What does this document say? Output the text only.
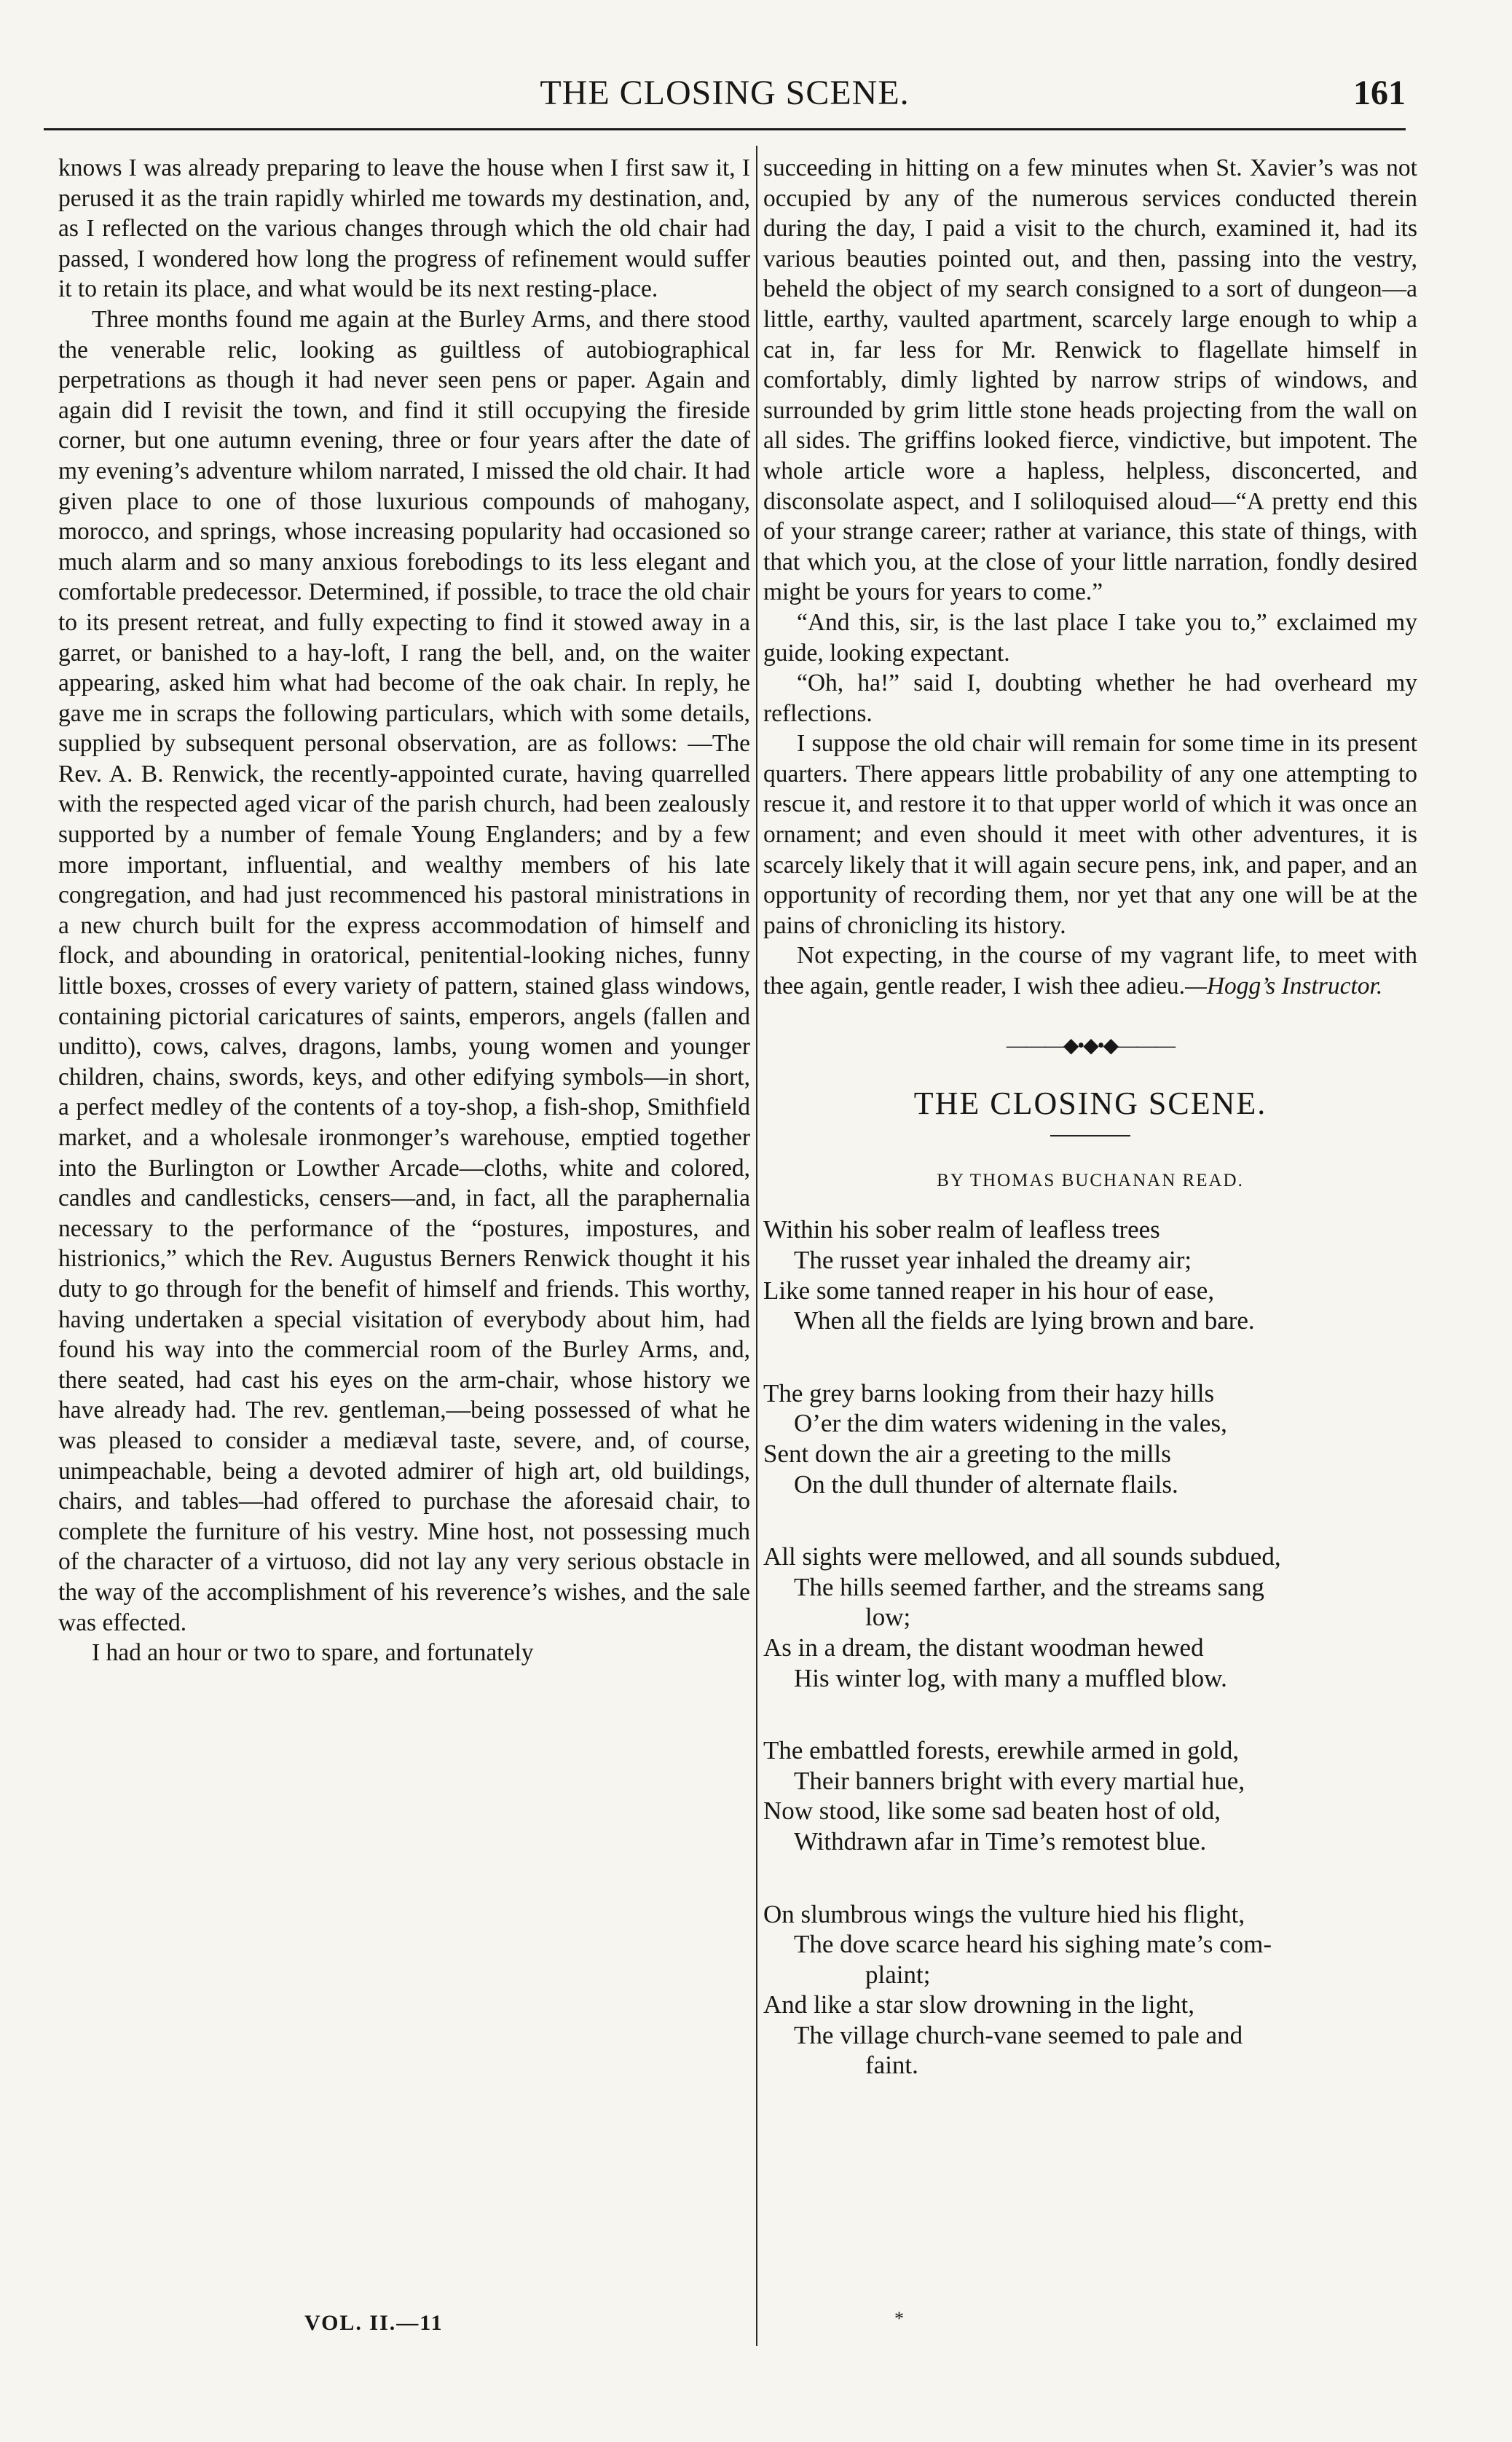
THE CLOSING SCENE.	161

knows I was already preparing to leave the house when I first saw it, I perused it as the train rapidly whirled me towards my destination, and, as I reflected on the various changes through which the old chair had passed, I wondered how long the progress of refinement would suffer it to retain its place, and what would be its next resting-place.

Three months found me again at the Burley Arms, and there stood the venerable relic, looking as guiltless of autobiographical perpetrations as though it had never seen pens or paper. Again and again did I revisit the town, and find it still occupying the fireside corner, but one autumn evening, three or four years after the date of my evening’s adventure whilom narrated, I missed the old chair. It had given place to one of those luxurious compounds of mahogany, morocco, and springs, whose increasing popularity had occasioned so much alarm and so many anxious forebodings to its less elegant and comfortable predecessor. Determined, if possible, to trace the old chair to its present retreat, and fully expecting to find it stowed away in a garret, or banished to a hay-loft, I rang the bell, and, on the waiter appearing, asked him what had become of the oak chair. In reply, he gave me in scraps the following particulars, which with some details, supplied by subsequent personal observation, are as follows: —The Rev. A. B. Renwick, the recently-appointed curate, having quarrelled with the respected aged vicar of the parish church, had been zealously supported by a number of female Young Englanders; and by a few more important, influential, and wealthy members of his late congregation, and had just recommenced his pastoral ministrations in a new church built for the express accommodation of himself and flock, and abounding in oratorical, penitential-looking niches, funny little boxes, crosses of every variety of pattern, stained glass windows, containing pictorial caricatures of saints, emperors, angels (fallen and unditto), cows, calves, dragons, lambs, young women and younger children, chains, swords, keys, and other edifying symbols—in short, a perfect medley of the contents of a toy-shop, a fish-shop, Smithfield market, and a wholesale ironmonger’s warehouse, emptied together into the Burlington or Lowther Arcade—cloths, white and colored, candles and candlesticks, censers—and, in fact, all the paraphernalia necessary to the performance of the “postures, impostures, and histrionics,” which the Rev. Augustus Berners Renwick thought it his duty to go through for the benefit of himself and friends. This worthy, having undertaken a special visitation of everybody about him, had found his way into the commercial room of the Burley Arms, and, there seated, had cast his eyes on the arm-chair, whose history we have already had. The rev. gentleman,—being possessed of what he was pleased to consider a mediæval taste, severe, and, of course, unimpeachable, being a devoted admirer of high art, old buildings, chairs, and tables—had offered to purchase the aforesaid chair, to complete the furniture of his vestry. Mine host, not possessing much of the character of a virtuoso, did not lay any very serious obstacle in the way of the accomplishment of his reverence’s wishes, and the sale was effected.

I had an hour or two to spare, and fortunately

succeeding in hitting on a few minutes when St. Xavier’s was not occupied by any of the numerous services conducted therein during the day, I paid a visit to the church, examined it, had its various beauties pointed out, and then, passing into the vestry, beheld the object of my search consigned to a sort of dungeon—a little, earthy, vaulted apartment, scarcely large enough to whip a cat in, far less for Mr. Renwick to flagellate himself in comfortably, dimly lighted by narrow strips of windows, and surrounded by grim little stone heads projecting from the wall on all sides. The griffins looked fierce, vindictive, but impotent. The whole article wore a hapless, helpless, disconcerted, and disconsolate aspect, and I soliloquised aloud—“A pretty end this of your strange career; rather at variance, this state of things, with that which you, at the close of your little narration, fondly desired might be yours for years to come.”

“And this, sir, is the last place I take you to,” exclaimed my guide, looking expectant.

“Oh, ha!” said I, doubting whether he had overheard my reflections.

I suppose the old chair will remain for some time in its present quarters. There appears little probability of any one attempting to rescue it, and restore it to that upper world of which it was once an ornament; and even should it meet with other adventures, it is scarcely likely that it will again secure pens, ink, and paper, and an opportunity of recording them, nor yet that any one will be at the pains of chronicling its history.

Not expecting, in the course of my vagrant life, to meet with thee again, gentle reader, I wish thee adieu.—Hogg’s Instructor.

———◆•◆•◆———
THE CLOSING SCENE.

BY THOMAS BUCHANAN READ.

Within his sober realm of leafless trees
The russet year inhaled the dreamy air;
Like some tanned reaper in his hour of ease,
When all the fields are lying brown and bare.
The grey barns looking from their hazy hills
O’er the dim waters widening in the vales,
Sent down the air a greeting to the mills
On the dull thunder of alternate flails.
All sights were mellowed, and all sounds subdued,
The hills seemed farther, and the streams sang
low;
As in a dream, the distant woodman hewed
His winter log, with many a muffled blow.
The embattled forests, erewhile armed in gold,
Their banners bright with every martial hue,
Now stood, like some sad beaten host of old,
Withdrawn afar in Time’s remotest blue.
On slumbrous wings the vulture hied his flight,
The dove scarce heard his sighing mate’s com-
plaint;
And like a star slow drowning in the light,
The village church-vane seemed to pale and
faint.
VOL. II.—11	*
